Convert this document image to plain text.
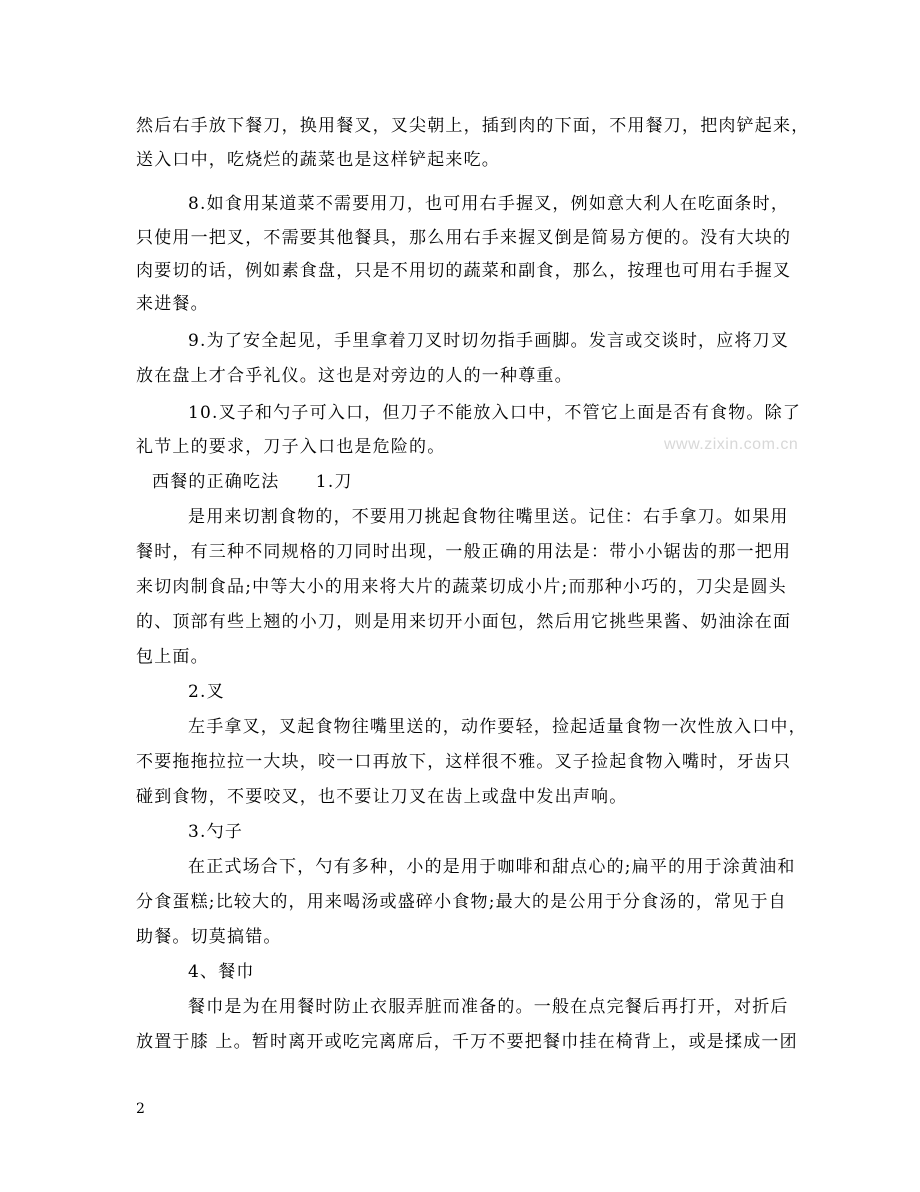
然后右手放下餐刀，换用餐叉，叉尖朝上，插到肉的下面，不用餐刀，把肉铲起来，
送入口中，吃烧烂的蔬菜也是这样铲起来吃。
8.如食用某道菜不需要用刀，也可用右手握叉，例如意大利人在吃面条时，
只使用一把叉，不需要其他餐具，那么用右手来握叉倒是简易方便的。没有大块的
肉要切的话，例如素食盘，只是不用切的蔬菜和副食，那么，按理也可用右手握叉
来进餐。
9.为了安全起见，手里拿着刀叉时切勿指手画脚。发言或交谈时，应将刀叉
放在盘上才合乎礼仪。这也是对旁边的人的一种尊重。
10.叉子和勺子可入口，但刀子不能放入口中，不管它上面是否有食物。除了
礼节上的要求，刀子入口也是危险的。
西餐的正确吃法　　1.刀
是用来切割食物的，不要用刀挑起食物往嘴里送。记住：右手拿刀。如果用
餐时，有三种不同规格的刀同时出现，一般正确的用法是：带小小锯齿的那一把用
来切肉制食品;中等大小的用来将大片的蔬菜切成小片;而那种小巧的，刀尖是圆头
的、顶部有些上翘的小刀，则是用来切开小面包，然后用它挑些果酱、奶油涂在面
包上面。
2.叉
左手拿叉，叉起食物往嘴里送的，动作要轻，捡起适量食物一次性放入口中，
不要拖拖拉拉一大块，咬一口再放下，这样很不雅。叉子捡起食物入嘴时，牙齿只
碰到食物，不要咬叉，也不要让刀叉在齿上或盘中发出声响。
3.勺子
在正式场合下，勺有多种，小的是用于咖啡和甜点心的;扁平的用于涂黄油和
分食蛋糕;比较大的，用来喝汤或盛碎小食物;最大的是公用于分食汤的，常见于自
助餐。切莫搞错。
4、餐巾
餐巾是为在用餐时防止衣服弄脏而准备的。一般在点完餐后再打开，对折后
放置于膝 上。暂时离开或吃完离席后，千万不要把餐巾挂在椅背上，或是揉成一团
www.zixin.com.cn
2
